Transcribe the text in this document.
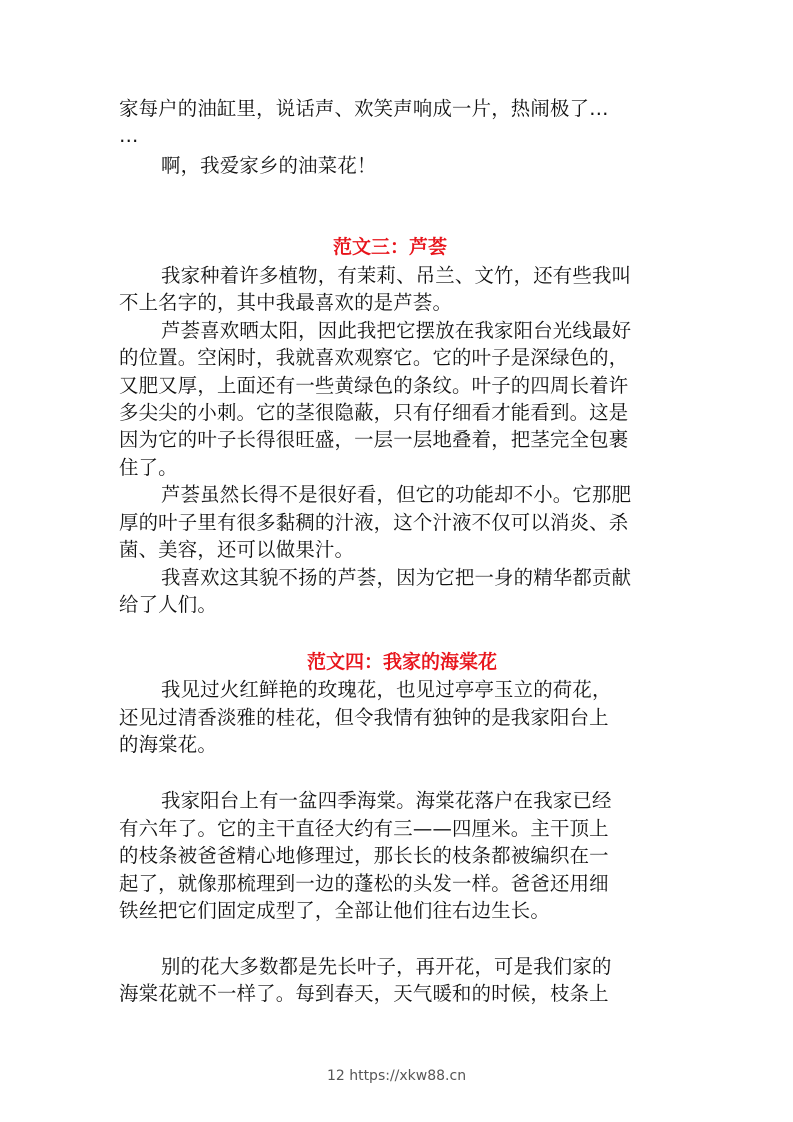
家每户的油缸里，说话声、欢笑声响成一片，热闹极了…
…
啊，我爱家乡的油菜花！
范文三：芦荟
我家种着许多植物，有茉莉、吊兰、文竹，还有些我叫
不上名字的，其中我最喜欢的是芦荟。
芦荟喜欢晒太阳，因此我把它摆放在我家阳台光线最好
的位置。空闲时，我就喜欢观察它。它的叶子是深绿色的，
又肥又厚，上面还有一些黄绿色的条纹。叶子的四周长着许
多尖尖的小刺。它的茎很隐蔽，只有仔细看才能看到。这是
因为它的叶子长得很旺盛，一层一层地叠着，把茎完全包裹
住了。
芦荟虽然长得不是很好看，但它的功能却不小。它那肥
厚的叶子里有很多黏稠的汁液，这个汁液不仅可以消炎、杀
菌、美容，还可以做果汁。
我喜欢这其貌不扬的芦荟，因为它把一身的精华都贡献
给了人们。
范文四：我家的海棠花
我见过火红鲜艳的玫瑰花，也见过亭亭玉立的荷花，
还见过清香淡雅的桂花，但令我情有独钟的是我家阳台上
的海棠花。
我家阳台上有一盆四季海棠。海棠花落户在我家已经
有六年了。它的主干直径大约有三——四厘米。主干顶上
的枝条被爸爸精心地修理过，那长长的枝条都被编织在一
起了，就像那梳理到一边的蓬松的头发一样。爸爸还用细
铁丝把它们固定成型了，全部让他们往右边生长。
别的花大多数都是先长叶子，再开花，可是我们家的
海棠花就不一样了。每到春天，天气暖和的时候，枝条上
12 https://xkw88.cn
